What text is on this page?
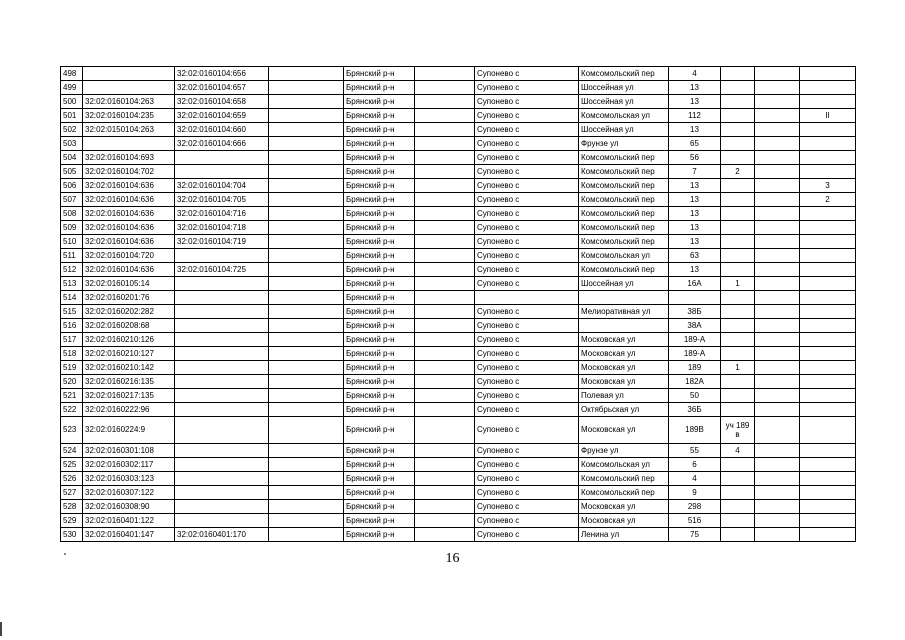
498		32:02:0160104:656		Брянский р-н		Супонево с	Комсомольский пер	4			
499		32:02:0160104:657		Брянский р-н		Супонево с	Шоссейная ул	13			
500	32:02:0160104:263	32:02:0160104:658		Брянский р-н		Супонево с	Шоссейная ул	13			
501	32:02:0160104:235	32:02:0160104:659		Брянский р-н		Супонево с	Комсомольская ул	112			II
502	32:02:0150104:263	32:02:0160104:660		Брянский р-н		Супонево с	Шоссейная ул	13			
503		32:02:0160104:666		Брянский р-н		Супонево с	Фрунзе ул	65			
504	32:02:0160104:693			Брянский р-н		Супонево с	Комсомольский пер	56			
505	32:02:0160104:702			Брянский р-н		Супонево с	Комсомольский пер	7	2		
506	32:02:0160104:636	32:02:0160104:704		Брянский р-н		Супонево с	Комсомольский пер	13			3
507	32:02:0160104:636	32:02:0160104:705		Брянский р-н		Супонево с	Комсомольский пер	13			2
508	32:02:0160104:636	32:02:0160104:716		Брянский р-н		Супонево с	Комсомольский пер	13			
509	32:02:0160104:636	32:02:0160104:718		Брянский р-н		Супонево с	Комсомольский пер	13			
510	32:02:0160104:636	32:02:0160104:719		Брянский р-н		Супонево с	Комсомольский пер	13			
511	32:02:0160104:720			Брянский р-н		Супонево с	Комсомольская ул	63			
512	32:02:0160104:636	32:02:0160104:725		Брянский р-н		Супонево с	Комсомольский пер	13			
513	32:02:0160105:14			Брянский р-н		Супонево с	Шоссейная ул	16А	1		
514	32:02:0160201:76			Брянский р-н							
515	32:02:0160202:282			Брянский р-н		Супонево с	Мелиоративная ул	38Б			
516	32:02:0160208:68			Брянский р-н		Супонево с		38А			
517	32:02:0160210:126			Брянский р-н		Супонево с	Московская ул	189-А			
518	32:02:0160210:127			Брянский р-н		Супонево с	Московская ул	189-А			
519	32:02:0160210:142			Брянский р-н		Супонево с	Московская ул	189	1		
520	32:02:0160216:135			Брянский р-н		Супонево с	Московская ул	182А			
521	32:02:0160217:135			Брянский р-н		Супонево с	Полевая ул	50			
522	32:02:0160222:96			Брянский р-н		Супонево с	Октябрьская ул	36Б			
523	32:02:0160224:9			Брянский р-н		Супонево с	Московская ул	189В	уч 189 в		

524	32:02:0160301:108			Брянский р-н		Супонево с	Фрунзе ул	55	4		
525	32:02:0160302:117			Брянский р-н		Супонево с	Комсомольская ул	6			
526	32:02:0160303:123			Брянский р-н		Супонево с	Комсомольский пер	4			
527	32:02:0160307:122			Брянский р-н		Супонево с	Комсомольский пер	9			
528	32:02:0160308:90			Брянский р-н		Супонево с	Московская ул	298			
529	32:02:0160401:122			Брянский р-н		Супонево с	Московская ул	516			
530	32:02:0160401:147	32:02:0160401:170		Брянский р-н		Супонево с	Ленина ул	75			
16
